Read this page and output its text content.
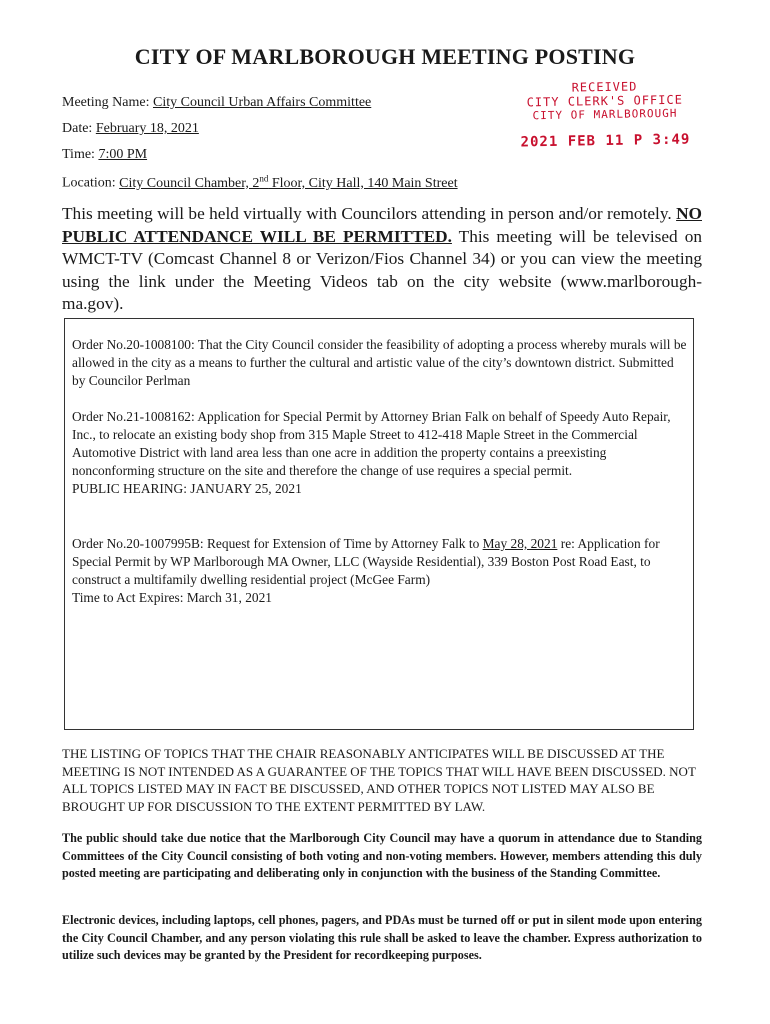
CITY OF MARLBOROUGH MEETING POSTING
Meeting Name: City Council Urban Affairs Committee
Date: February 18, 2021
Time: 7:00 PM
Location: City Council Chamber, 2nd Floor, City Hall, 140 Main Street
RECEIVED
CITY CLERK'S OFFICE
CITY OF MARLBOROUGH
2021 FEB 11 P 3:49
This meeting will be held virtually with Councilors attending in person and/or remotely. NO PUBLIC ATTENDANCE WILL BE PERMITTED. This meeting will be televised on WMCT-TV (Comcast Channel 8 or Verizon/Fios Channel 34) or you can view the meeting using the link under the Meeting Videos tab on the city website (www.marlborough-ma.gov).
Order No.20-1008100: That the City Council consider the feasibility of adopting a process whereby murals will be allowed in the city as a means to further the cultural and artistic value of the city’s downtown district. Submitted by Councilor Perlman
Order No.21-1008162: Application for Special Permit by Attorney Brian Falk on behalf of Speedy Auto Repair, Inc., to relocate an existing body shop from 315 Maple Street to 412-418 Maple Street in the Commercial Automotive District with land area less than one acre in addition the property contains a preexisting nonconforming structure on the site and therefore the change of use requires a special permit.
PUBLIC HEARING: JANUARY 25, 2021
Order No.20-1007995B: Request for Extension of Time by Attorney Falk to May 28, 2021 re: Application for Special Permit by WP Marlborough MA Owner, LLC (Wayside Residential), 339 Boston Post Road East, to construct a multifamily dwelling residential project (McGee Farm)
Time to Act Expires: March 31, 2021
THE LISTING OF TOPICS THAT THE CHAIR REASONABLY ANTICIPATES WILL BE DISCUSSED AT THE MEETING IS NOT INTENDED AS A GUARANTEE OF THE TOPICS THAT WILL HAVE BEEN DISCUSSED. NOT ALL TOPICS LISTED MAY IN FACT BE DISCUSSED, AND OTHER TOPICS NOT LISTED MAY ALSO BE BROUGHT UP FOR DISCUSSION TO THE EXTENT PERMITTED BY LAW.
The public should take due notice that the Marlborough City Council may have a quorum in attendance due to Standing Committees of the City Council consisting of both voting and non-voting members. However, members attending this duly posted meeting are participating and deliberating only in conjunction with the business of the Standing Committee.
Electronic devices, including laptops, cell phones, pagers, and PDAs must be turned off or put in silent mode upon entering the City Council Chamber, and any person violating this rule shall be asked to leave the chamber. Express authorization to utilize such devices may be granted by the President for recordkeeping purposes.
